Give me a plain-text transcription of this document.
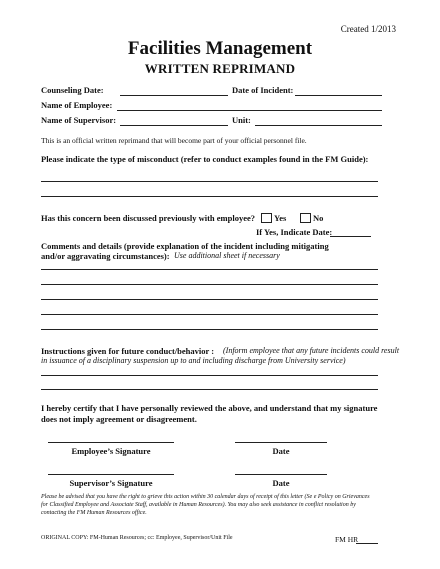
Created 1/2013
Facilities Management
WRITTEN REPRIMAND
Counseling Date:	Date of Incident:
Name of Employee:
Name of Supervisor:	Unit:
This is an official written reprimand that will become part of your official personnel file.
Please indicate the type of misconduct (refer to conduct examples found in the FM Guide):
Has this concern been discussed previously with employee? Yes	No
If Yes, Indicate Date:
Comments and details (provide explanation of the incident including mitigating
and/or aggravating circumstances): Use additional sheet if necessary
Instructions given for future conduct/behavior : (Inform employee that any future incidents could result
in issuance of a disciplinary suspension up to and including discharge from University service)
I hereby certify that I have personally reviewed the above, and understand that my signature
does not imply agreement or disagreement.
Employee’s Signature	Date
Supervisor’s Signature	Date
Please be advised that you have the right to grieve this action within 30 calendar days of receipt of this letter (Se e Policy on Grievances
for Classified Employee and Associate Staff, available in Human Resources). You may also seek assistance in conflict resolution by
contacting the FM Human Resources office.
ORIGINAL COPY: FM-Human Resources; cc: Employee, Supervisor/Unit File	FM HR
